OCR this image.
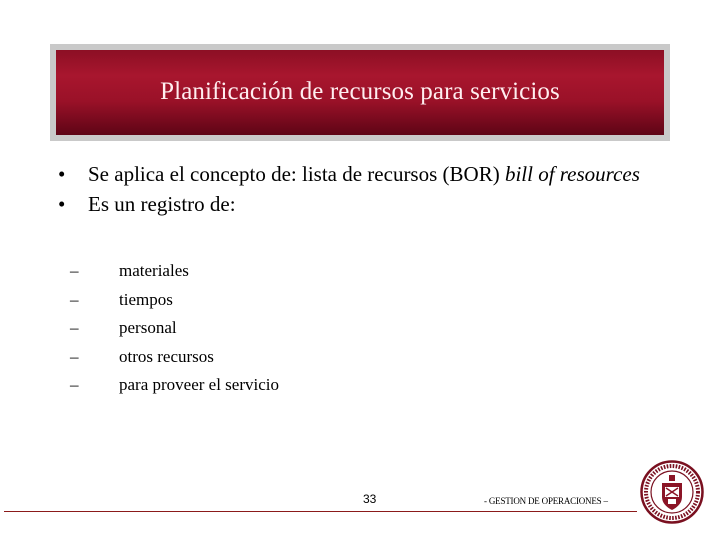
Planificación de recursos para servicios
•	Se aplica el concepto de: lista de recursos (BOR) bill of resources
•	Es un registro de:
–	materiales
–	tiempos
–	personal
–	otros recursos
–	para proveer el servicio
33	- GESTION DE OPERACIONES –
